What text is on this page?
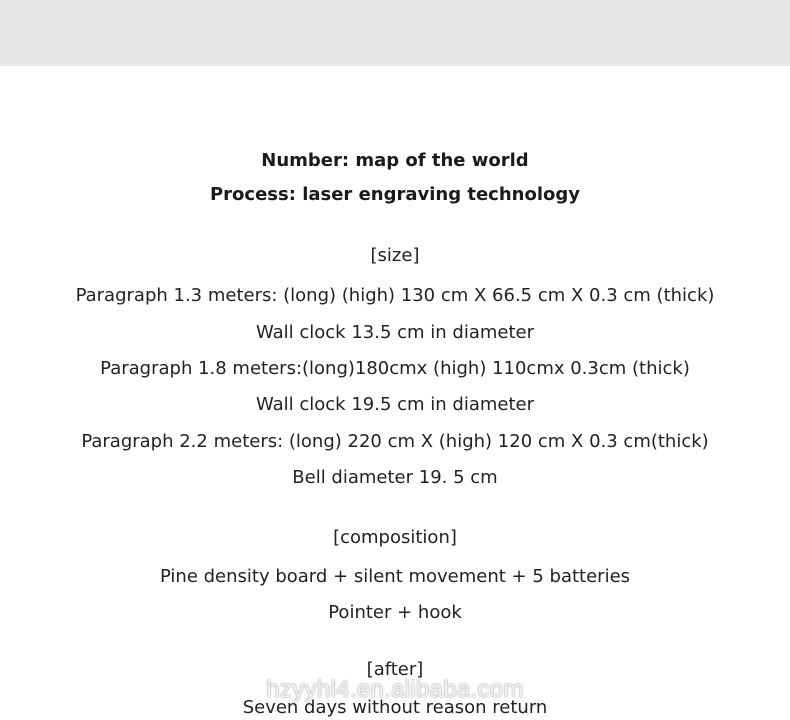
Number: map of the world
Process: laser engraving technology
[size]
Paragraph 1.3 meters: (long) (high) 130 cm X 66.5 cm X 0.3 cm (thick)
Wall clock 13.5 cm in diameter
Paragraph 1.8 meters:(long)180cmx (high) 110cmx 0.3cm (thick)
Wall clock 19.5 cm in diameter
Paragraph 2.2 meters: (long) 220 cm X (high) 120 cm X 0.3 cm(thick)
Bell diameter 19. 5 cm
[composition]
Pine density board + silent movement + 5 batteries
Pointer + hook
[after]
Seven days without reason return
hzyyhl4.en.alibaba.com
